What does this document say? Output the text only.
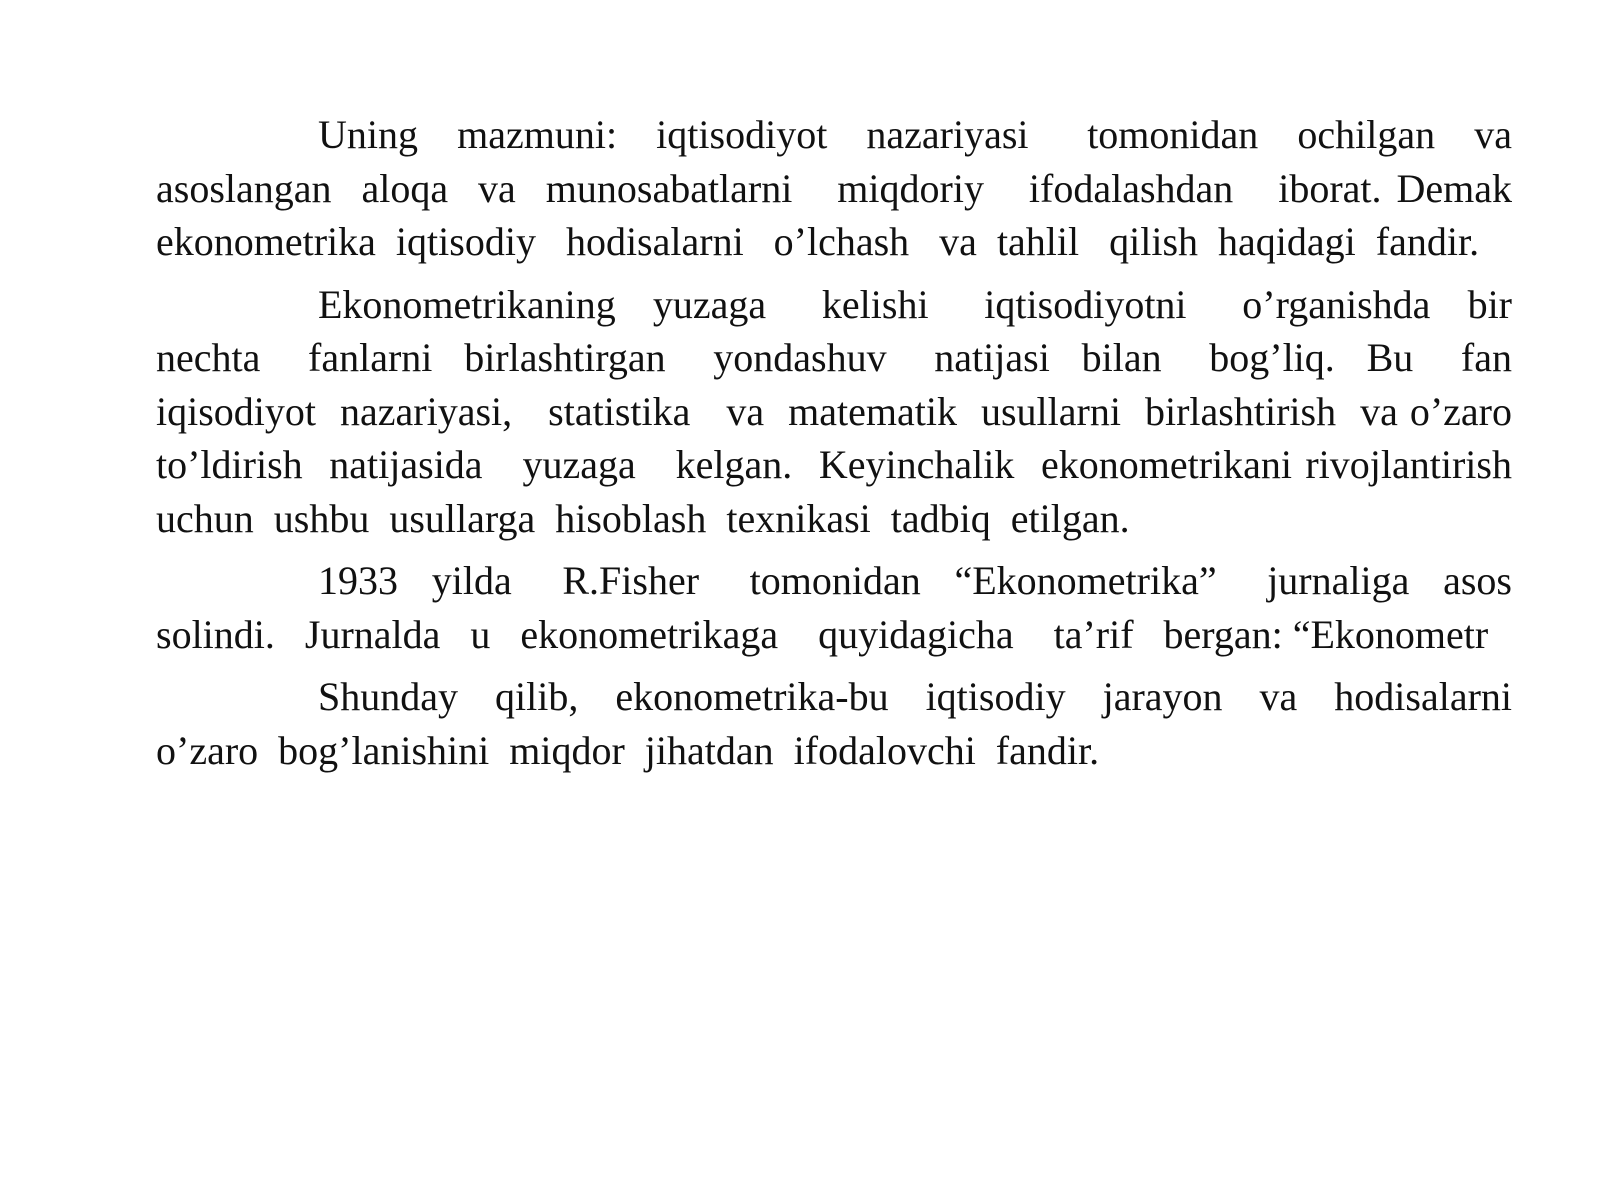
Uning  mazmuni:  iqtisodiyot  nazariyasi   tomonidan  ochilgan  va asoslangan  aloqa  va  munosabatlarni   miqdoriy   ifodalashdan   iborat. Demak   ekonometrika  iqtisodiy   hodisalarni   o’lchash   va  tahlil   qilish  haqidagi  fandir.

Ekonometrikaning  yuzaga   kelishi   iqtisodiyotni   o’rganishda  bir nechta   fanlarni  birlashtirgan   yondashuv   natijasi  bilan   bog’liq.  Bu   fan iqisodiyot  nazariyasi,   statistika   va  matematik  usullarni  birlashtirish  va o’zaro   to’ldirish  natijasida   yuzaga   kelgan.  Keyinchalik  ekonometrikani rivojlantirish  uchun  ushbu  usullarga  hisoblash  texnikasi  tadbiq  etilgan.

1933  yilda   R.Fisher   tomonidan  “Ekonometrika”   jurnaliga  asos solindi.   Jurnalda   u   ekonometrikaga    quyidagicha    ta’rif   bergan: “Ekonometr

Shunday  qilib,  ekonometrika-bu  iqtisodiy  jarayon  va  hodisalarni o’zaro  bog’lanishini  miqdor  jihatdan  ifodalovchi  fandir.
